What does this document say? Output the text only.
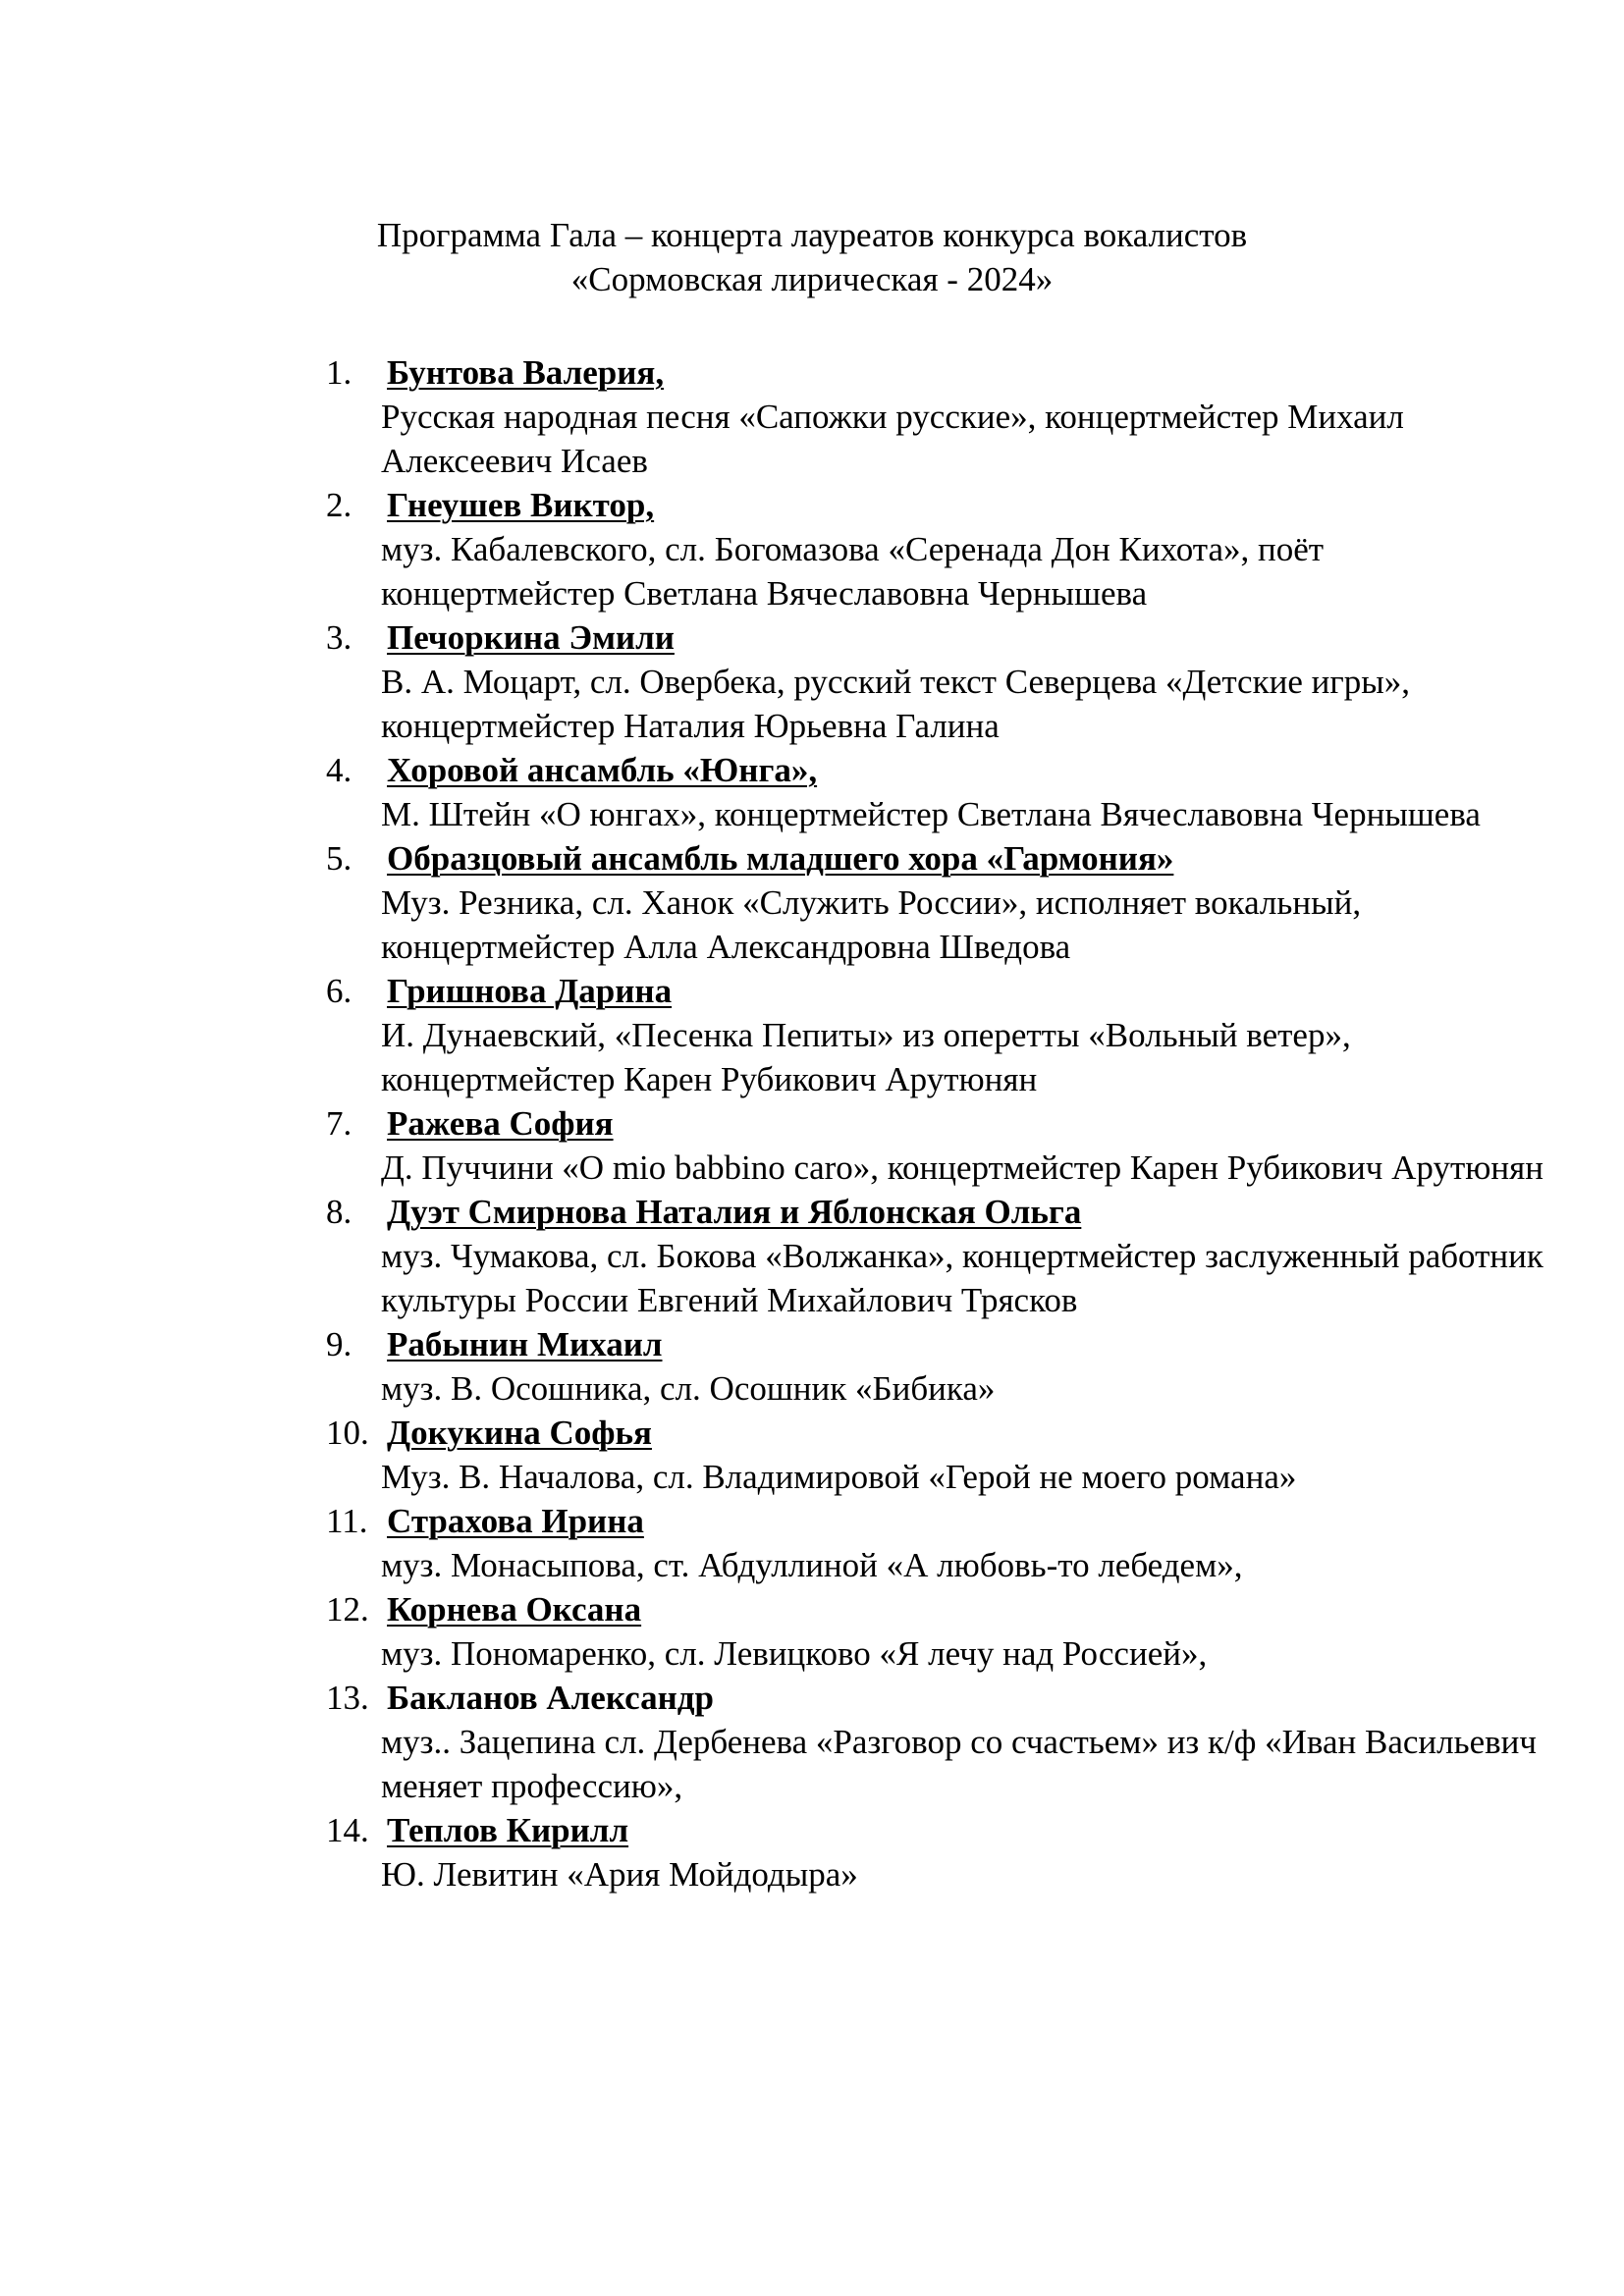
Программа Гала – концерта лауреатов конкурса вокалистов
«Сормовская лирическая - 2024»
1. Бунтова Валерия,
Русская народная песня «Сапожки русские», концертмейстер Михаил Алексеевич Исаев
2. Гнеушев Виктор,
муз. Кабалевского, сл. Богомазова «Серенада Дон Кихота», поёт концертмейстер Светлана Вячеславовна Чернышева
3. Печоркина Эмили
В. А. Моцарт, сл. Овербека, русский текст Северцева «Детские игры», концертмейстер Наталия Юрьевна Галина
4. Хоровой ансамбль «Юнга»,
М. Штейн «О юнгах», концертмейстер Светлана Вячеславовна Чернышева
5. Образцовый ансамбль младшего хора «Гармония»
Муз. Резника, сл. Ханок «Служить России», исполняет вокальный, концертмейстер Алла Александровна Шведова
6. Гришнова Дарина
И. Дунаевский, «Песенка Пепиты» из оперетты «Вольный ветер», концертмейстер Карен Рубикович Арутюнян
7. Ражева София
Д. Пуччини «O mio babbino caro», концертмейстер Карен Рубикович Арутюнян
8. Дуэт Смирнова Наталия и Яблонская Ольга
муз. Чумакова, сл. Бокова «Волжанка», концертмейстер заслуженный работник культуры России Евгений Михайлович Трясков
9. Рабынин Михаил
муз. В. Осошника, сл. Осошник «Бибика»
10. Докукина Софья
Муз. В. Началова, сл. Владимировой «Герой не моего романа»
11. Страхова Ирина
муз. Монасыпова, ст. Абдуллиной «А любовь-то лебедем»,
12. Корнева Оксана
муз. Пономаренко, сл. Левицково «Я лечу над Россией»,
13. Бакланов Александр
муз.. Зацепина сл. Дербенева «Разговор со счастьем» из к/ф «Иван Васильевич меняет профессию»,
14. Теплов Кирилл
Ю. Левитин «Ария Мойдодыра»
